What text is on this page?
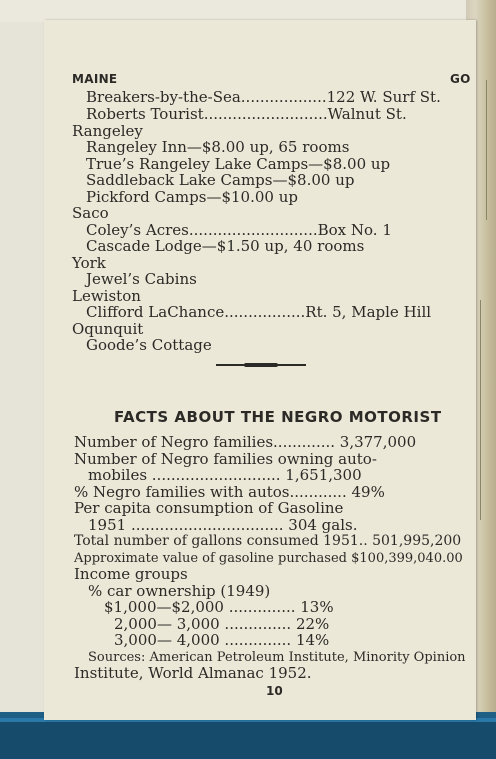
MAINE	GO
Breakers-by-the-Sea..................122 W. Surf St.
Roberts Tourist..........................Walnut St.
Rangeley
Rangeley Inn—$8.00 up, 65 rooms
True’s Rangeley Lake Camps—$8.00 up
Saddleback Lake Camps—$8.00 up
Pickford Camps—$10.00 up
Saco
Coley’s Acres...........................Box No. 1
Cascade Lodge—$1.50 up, 40 rooms
York
Jewel’s Cabins
Lewiston
Clifford LaChance.................Rt. 5, Maple Hill
Oqunquit
Goode’s Cottage
FACTS ABOUT THE NEGRO MOTORIST
Number of Negro families............. 3,377,000
Number of Negro families owning auto-
mobiles ........................... 1,651,300
% Negro families with autos............ 49%
Per capita consumption of Gasoline
1951 ................................ 304 gals.
Total number of gallons consumed 1951.. 501,995,200
Approximate value of gasoline purchased $100,399,040.00
Income groups
% car ownership (1949)
$1,000—$2,000 .............. 13%
2,000— 3,000 .............. 22%
3,000— 4,000 .............. 14%
Sources: American Petroleum Institute, Minority Opinion
Institute, World Almanac 1952.
10
